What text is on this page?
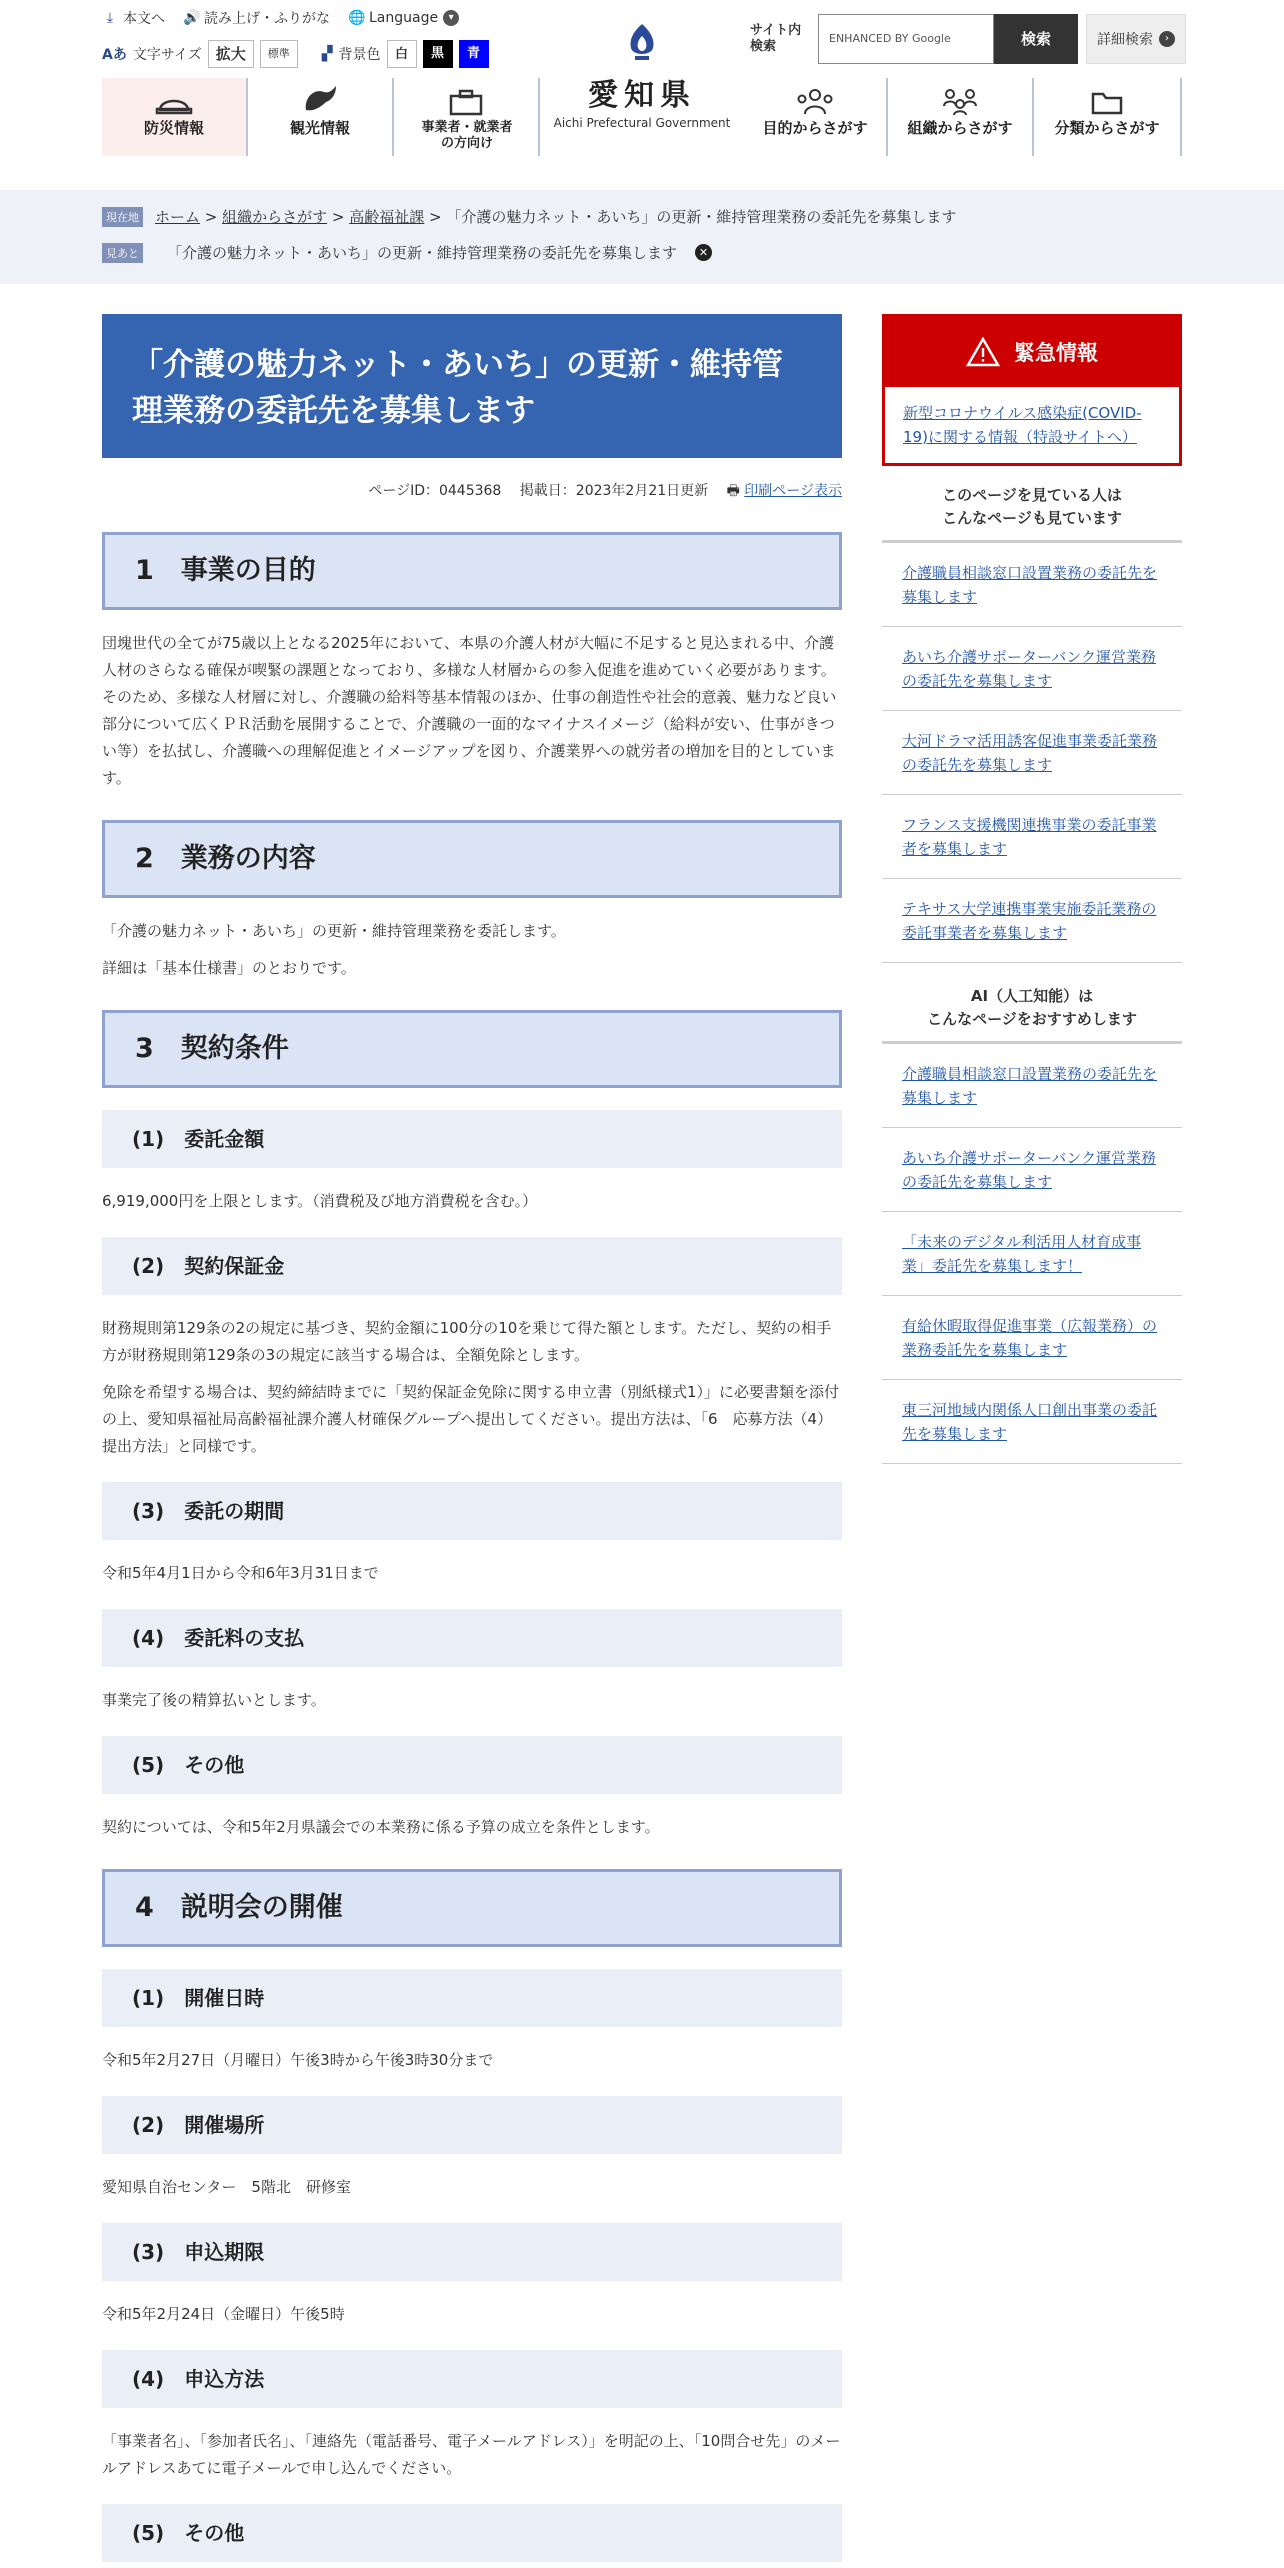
⤓ 本文へ 🔊 読み上げ・ふりがな 🌐 Language	▾
Aあ 文字サイズ 拡大	標準	▞ 背景色	白	黒	青
愛知県
Aichi Prefectural Government
サイト内検索
ENHANCED BY Google	検索	詳細検索	›
防災情報	観光情報	事業者・就業者の方向け
目的からさがす	組織からさがす	分類からさがす
現在地 ホーム > 組織からさがす > 高齢福祉課 > 「介護の魅力ネット・あいち」の更新・維持管理業務の委託先を募集します
見あと 「介護の魅力ネット・あいち」の更新・維持管理業務の委託先を募集します	✕
「介護の魅力ネット・あいち」の更新・維持管理業務の委託先を募集します
ページID：0445368　 掲載日：2023年2月21日更新　 🖶 印刷ページ表示
1　事業の目的

団塊世代の全てが75歳以上となる2025年において、本県の介護人材が大幅に不足すると見込まれる中、介護人材のさらなる確保が喫緊の課題となっており、多様な人材層からの参入促進を進めていく必要があります。そのため、多様な人材層に対し、介護職の給料等基本情報のほか、仕事の創造性や社会的意義、魅力など良い部分について広くＰＲ活動を展開することで、介護職の一面的なマイナスイメージ（給料が安い、仕事がきつい等）を払拭し、介護職への理解促進とイメージアップを図り、介護業界への就労者の増加を目的としています。

2　業務の内容

「介護の魅力ネット・あいち」の更新・維持管理業務を委託します。

詳細は「基本仕様書」のとおりです。

3　契約条件
(1)　委託金額

6,919,000円を上限とします。（消費税及び地方消費税を含む。）

(2)　契約保証金

財務規則第129条の2の規定に基づき、契約金額に100分の10を乗じて得た額とします。ただし、契約の相手方が財務規則第129条の3の規定に該当する場合は、全額免除とします。

免除を希望する場合は、契約締結時までに「契約保証金免除に関する申立書（別紙様式1）」に必要書類を添付の上、愛知県福祉局高齢福祉課介護人材確保グループへ提出してください。提出方法は、「6　応募方法（4）提出方法」と同様です。

(3)　委託の期間

令和5年4月1日から令和6年3月31日まで

(4)　委託料の支払

事業完了後の精算払いとします。

(5)　その他

契約については、令和5年2月県議会での本業務に係る予算の成立を条件とします。

4　説明会の開催
(1)　開催日時

令和5年2月27日（月曜日）午後3時から午後3時30分まで

(2)　開催場所

愛知県自治センター　5階北　研修室

(3)　申込期限

令和5年2月24日（金曜日）午後5時

(4)　申込方法

「事業者名」、「参加者氏名」、「連絡先（電話番号、電子メールアドレス）」を明記の上、「10問合せ先」のメールアドレスあてに電子メールで申し込んでください。

(5)　その他
緊急情報
新型コロナウイルス感染症(COVID-19)に関する情報（特設サイトへ）
このページを見ている人は
こんなページも見ています
介護職員相談窓口設置業務の委託先を募集します
あいち介護サポーターバンク運営業務の委託先を募集します
大河ドラマ活用誘客促進事業委託業務の委託先を募集します
フランス支援機関連携事業の委託事業者を募集します
テキサス大学連携事業実施委託業務の委託事業者を募集します
AI（人工知能）は
こんなページをおすすめします
介護職員相談窓口設置業務の委託先を募集します
あいち介護サポーターバンク運営業務の委託先を募集します
「未来のデジタル利活用人材育成事業」委託先を募集します！
有給休暇取得促進事業（広報業務）の業務委託先を募集します
東三河地域内関係人口創出事業の委託先を募集します
